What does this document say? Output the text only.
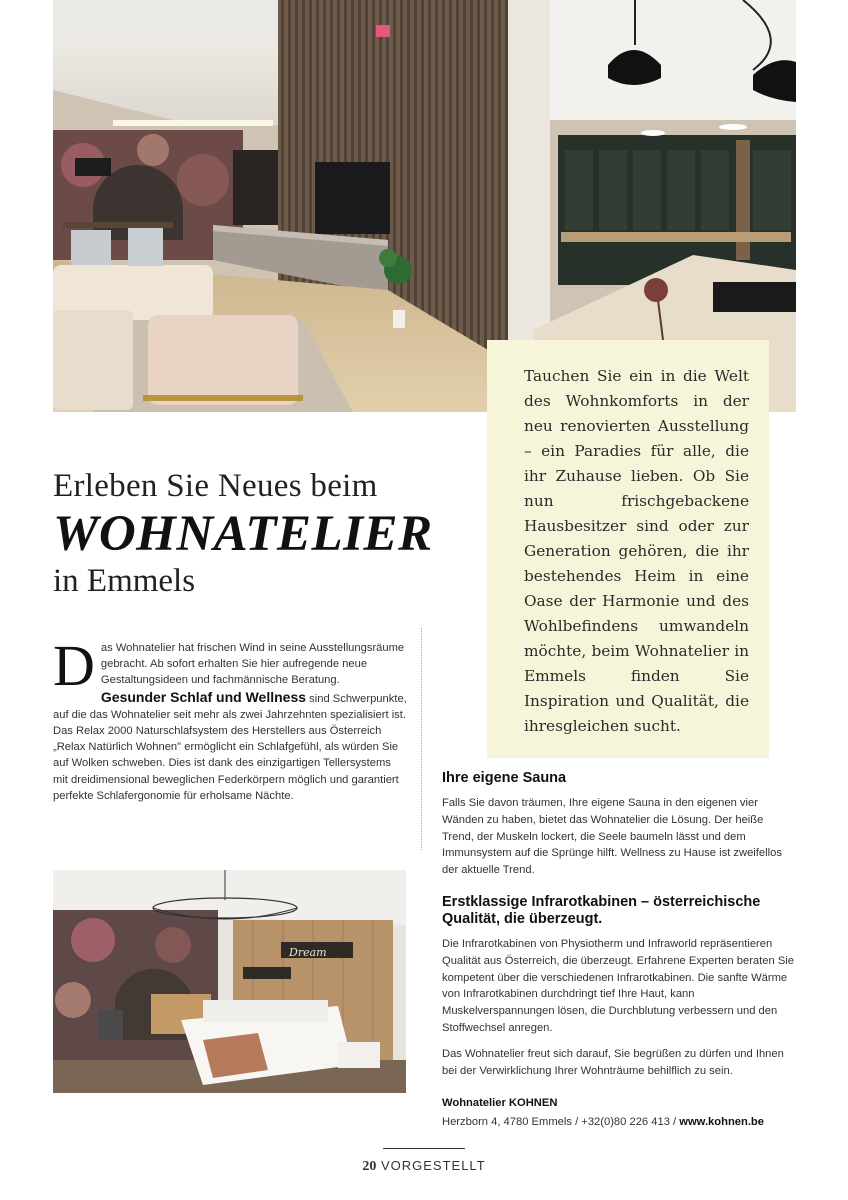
Tauchen Sie ein in die Welt des Wohnkomforts in der neu renovierten Ausstellung – ein Paradies für alle, die ihr Zuhause lieben. Ob Sie nun frischgebackene Hausbesitzer sind oder zur Generation gehören, die ihr bestehendes Heim in eine Oase der Harmonie und des Wohlbefindens umwandeln möchte, beim Wohnatelier in Emmels finden Sie Inspiration und Qualität, die ihresgleichen sucht.

Erleben Sie Neues beim
WOHNATELIER
in Emmels

Das Wohnatelier hat frischen Wind in seine Ausstellungsräume gebracht. Ab sofort erhalten Sie hier aufregende neue Gestaltungsideen und fachmännische Beratung.

Gesunder Schlaf und Wellness sind Schwerpunkte, auf die das Wohnatelier seit mehr als zwei Jahrzehnten spezialisiert ist. Das Relax 2000 Naturschlafsystem des Herstellers aus Österreich „Relax Natürlich Wohnen" ermöglicht ein Schlafgefühl, als würden Sie auf Wolken schweben. Dies ist dank des einzigartigen Tellersystems mit dreidimensional beweglichen Federkörpern möglich und garantiert perfekte Schlafergonomie für erholsame Nächte.

Dream
Ihre eigene Sauna

Falls Sie davon träumen, Ihre eigene Sauna in den eigenen vier Wänden zu haben, bietet das Wohnatelier die Lösung. Der heiße Trend, der Muskeln lockert, die Seele baumeln lässt und dem Immunsystem auf die Sprünge hilft. Wellness zu Hause ist zweifellos der aktuelle Trend.

Erstklassige Infrarotkabinen – österreichische Qualität, die überzeugt.

Die Infrarotkabinen von Physiotherm und Infraworld repräsentieren Qualität aus Österreich, die überzeugt. Erfahrene Experten beraten Sie kompetent über die verschiedenen Infrarotkabinen. Die sanfte Wärme von Infrarotkabinen durchdringt tief Ihre Haut, kann Muskelverspannungen lösen, die Durchblutung verbessern und den Stoffwechsel anregen.

Das Wohnatelier freut sich darauf, Sie begrüßen zu dürfen und Ihnen bei der Verwirklichung Ihrer Wohnträume behilflich zu sein.

Wohnatelier KOHNEN

Herzborn 4, 4780 Emmels / +32(0)80 226 413 / www.kohnen.be

20 VORGESTELLT
